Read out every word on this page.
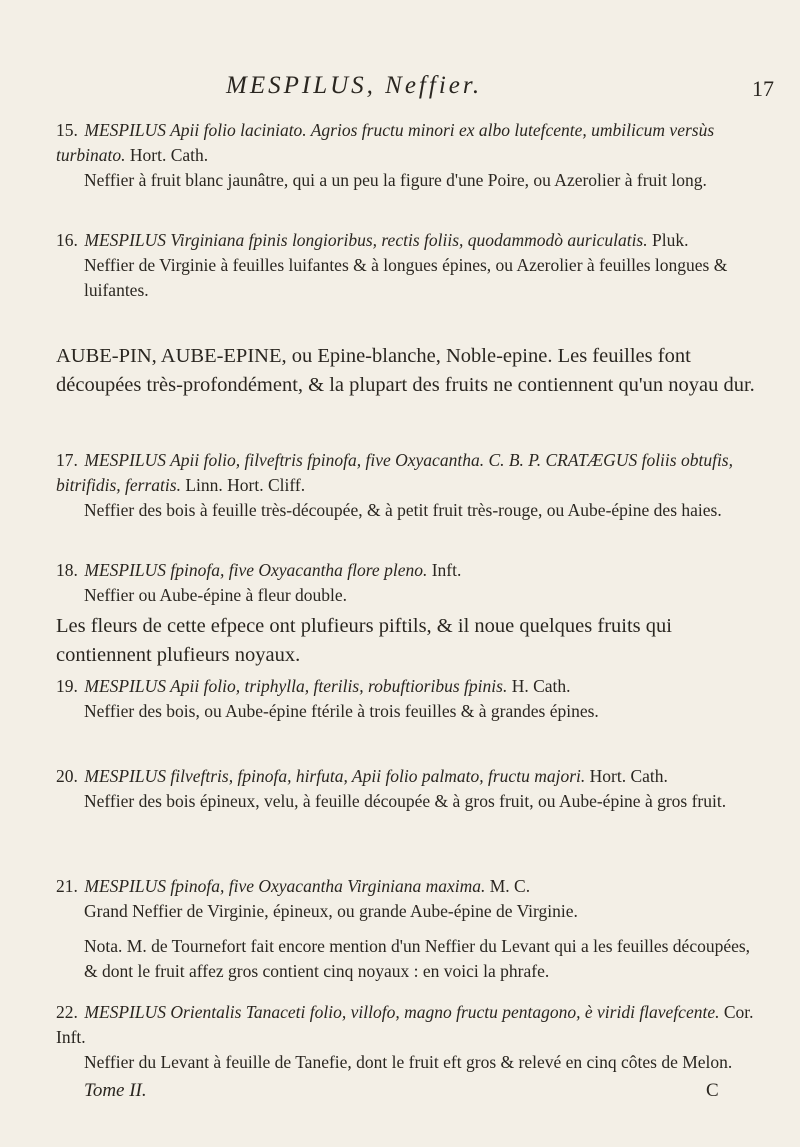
MESPILUS, Neffier.	17
15. MESPILUS Apii folio laciniato. Agrios fructu minori ex albo lutefcente, umbilicum versùs turbinato. Hort. Cath.
Neffier à fruit blanc jaunâtre, qui a un peu la figure d'une Poire, ou Azerolier à fruit long.
16. MESPILUS Virginiana fpinis longioribus, rectis foliis, quodammodò auriculatis. Pluk.
Neffier de Virginie à feuilles luifantes & à longues épines, ou Azerolier à feuilles longues & luifantes.
AUBE-PIN, AUBE-EPINE, ou Epine-blanche, Noble-epine. Les feuilles font découpées très-profondément, & la plupart des fruits ne contiennent qu'un noyau dur.
17. MESPILUS Apii folio, filveftris fpinofa, five Oxyacantha. C. B. P. CRATÆGUS foliis obtufis, bitrifidis, ferratis. Linn. Hort. Cliff.
Neffier des bois à feuille très-découpée, & à petit fruit très-rouge, ou Aube-épine des haies.
18. MESPILUS fpinofa, five Oxyacantha flore pleno. Inft.
Neffier ou Aube-épine à fleur double.
Les fleurs de cette efpece ont plufieurs piftils, & il noue quelques fruits qui contiennent plufieurs noyaux.
19. MESPILUS Apii folio, triphylla, fterilis, robuftioribus fpinis. H. Cath.
Neffier des bois, ou Aube-épine ftérile à trois feuilles & à grandes épines.
20. MESPILUS filveftris, fpinofa, hirfuta, Apii folio palmato, fructu majori. Hort. Cath.
Neffier des bois épineux, velu, à feuille découpée & à gros fruit, ou Aube-épine à gros fruit.
21. MESPILUS fpinofa, five Oxyacantha Virginiana maxima. M. C.
Grand Neffier de Virginie, épineux, ou grande Aube-épine de Virginie.
Nota. M. de Tournefort fait encore mention d'un Neffier du Levant qui a les feuilles découpées, & dont le fruit affez gros contient cinq noyaux : en voici la phrafe.
22. MESPILUS Orientalis Tanaceti folio, villofo, magno fructu pentagono, è viridi flavefcente. Cor. Inft.
Neffier du Levant à feuille de Tanefie, dont le fruit eft gros & relevé en cinq côtes de Melon.
Tome II.	C
